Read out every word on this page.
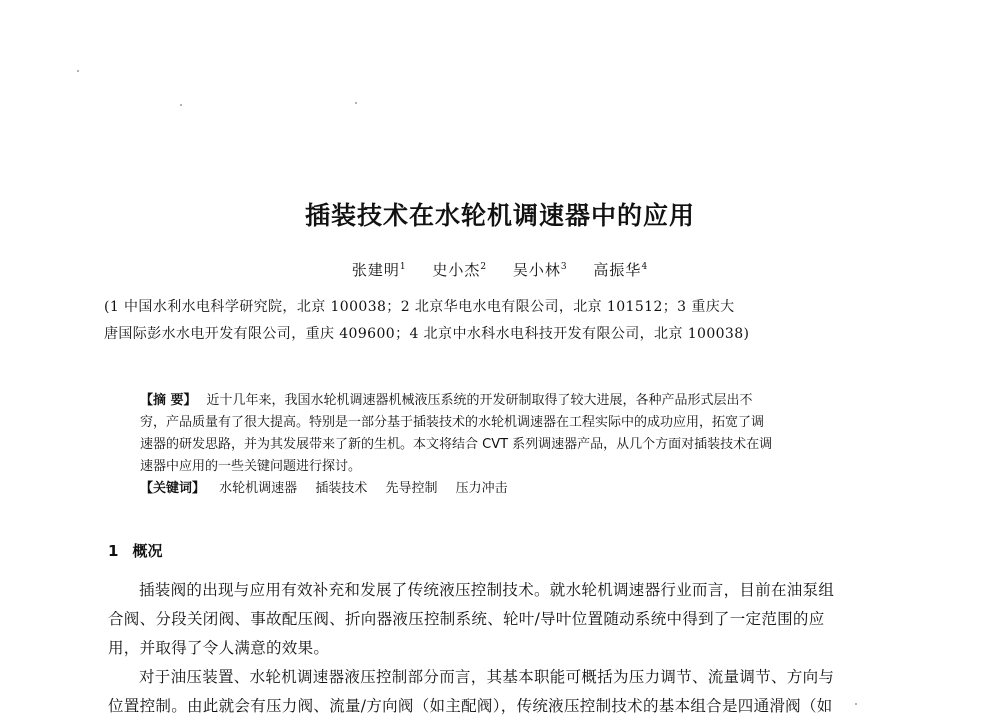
插装技术在水轮机调速器中的应用
张建明$^1$ 史小杰$^2$ 吴小林$^3$ 高振华$^4$
(1 中国水利水电科学研究院，北京 100038；2 北京华电水电有限公司，北京 101512；3 重庆大
唐国际彭水水电开发有限公司，重庆 409600；4 北京中水科水电科技开发有限公司，北京 100038)
【摘 要】 近十几年来，我国水轮机调速器机械液压系统的开发研制取得了较大进展，各种产品形式层出不
穷，产品质量有了很大提高。特别是一部分基于插装技术的水轮机调速器在工程实际中的成功应用，拓宽了调
速器的研发思路，并为其发展带来了新的生机。本文将结合 CVT 系列调速器产品，从几个方面对插装技术在调
速器中应用的一些关键问题进行探讨。
【关键词】 水轮机调速器 插装技术 先导控制 压力冲击
1 概况

插装阀的出现与应用有效补充和发展了传统液压控制技术。就水轮机调速器行业而言，目前在油泵组

合阀、分段关闭阀、事故配压阀、折向器液压控制系统、轮叶/导叶位置随动系统中得到了一定范围的应
用，并取得了令人满意的效果。

对于油压装置、水轮机调速器液压控制部分而言，其基本职能可概括为压力调节、流量调节、方向与

位置控制。由此就会有压力阀、流量/方向阀（如主配阀），传统液压控制技术的基本组合是四通滑阀（如
